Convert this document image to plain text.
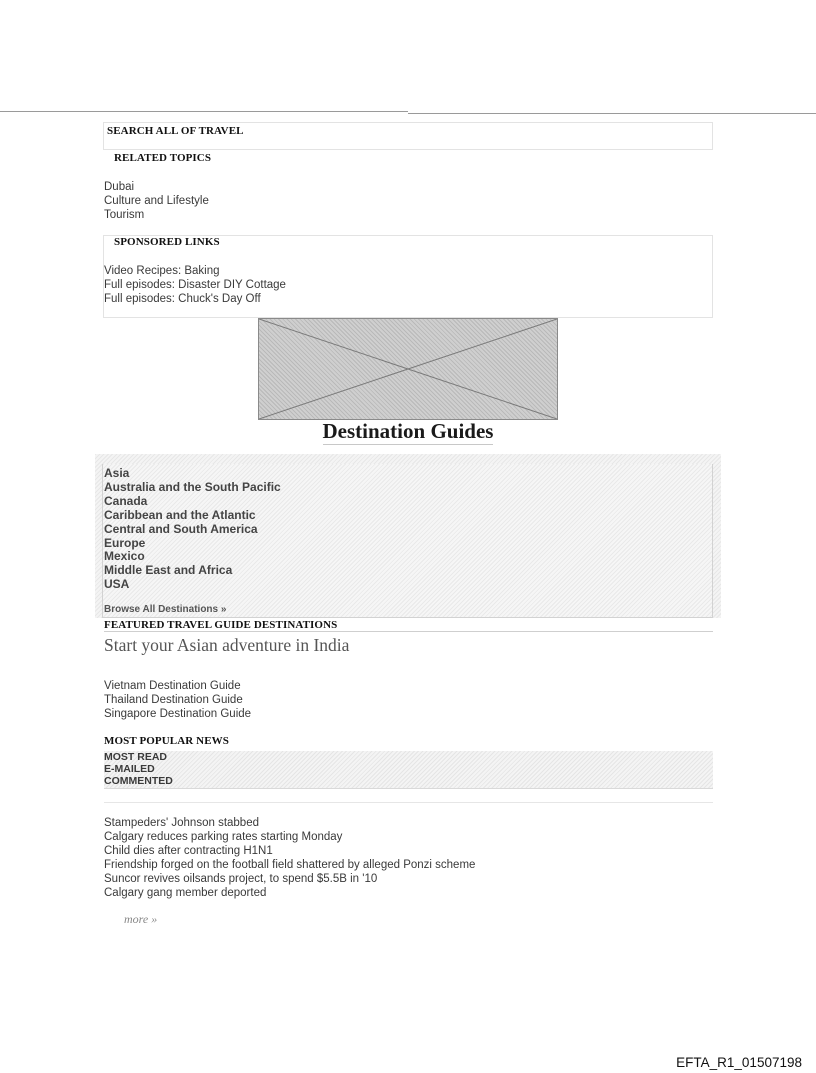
SEARCH ALL OF TRAVEL
RELATED TOPICS
Dubai
Culture and Lifestyle
Tourism
SPONSORED LINKS
Video Recipes: Baking
Full episodes: Disaster DIY Cottage
Full episodes: Chuck's Day Off
Destination Guides
Asia
Australia and the South Pacific
Canada
Caribbean and the Atlantic
Central and South America
Europe
Mexico
Middle East and Africa
USA
Browse All Destinations »
FEATURED TRAVEL GUIDE DESTINATIONS
Start your Asian adventure in India
Vietnam Destination Guide
Thailand Destination Guide
Singapore Destination Guide
MOST POPULAR NEWS
MOST READ
E-MAILED
COMMENTED
Stampeders' Johnson stabbed
Calgary reduces parking rates starting Monday
Child dies after contracting H1N1
Friendship forged on the football field shattered by alleged Ponzi scheme
Suncor revives oilsands project, to spend $5.5B in '10
Calgary gang member deported
more »
EFTA_R1_01507198
